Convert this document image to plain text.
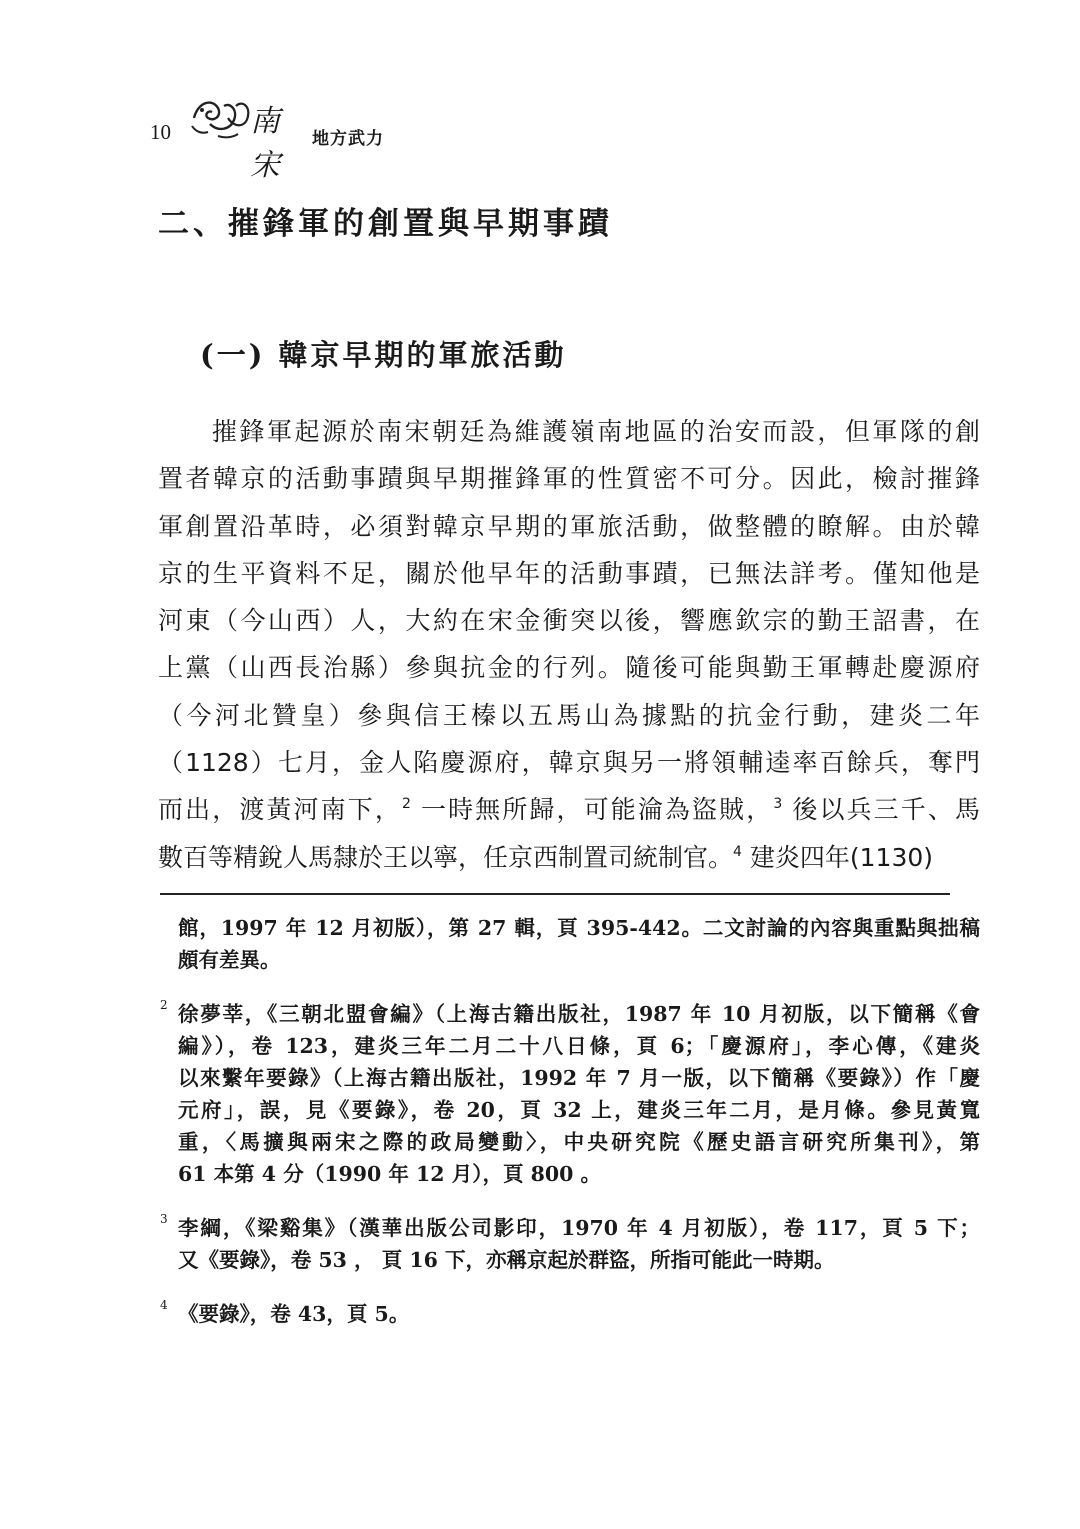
10	南宋
地方武力
二、摧鋒軍的創置與早期事蹟
(一) 韓京早期的軍旅活動
摧鋒軍起源於南宋朝廷為維護嶺南地區的治安而設，但軍隊的創
置者韓京的活動事蹟與早期摧鋒軍的性質密不可分。因此，檢討摧鋒
軍創置沿革時，必須對韓京早期的軍旅活動，做整體的瞭解。由於韓
京的生平資料不足，關於他早年的活動事蹟，已無法詳考。僅知他是
河東（今山西）人，大約在宋金衝突以後，響應欽宗的勤王詔書，在
上黨（山西長治縣）參與抗金的行列。隨後可能與勤王軍轉赴慶源府
（今河北贊皇）參與信王榛以五馬山為據點的抗金行動，建炎二年
（1128）七月，金人陷慶源府，韓京與另一將領輔逵率百餘兵，奪門
而出，渡黃河南下，$^2$ 一時無所歸，可能淪為盜賊，$^3$ 後以兵三千、馬
數百等精銳人馬隸於王以寧，任京西制置司統制官。$^4$ 建炎四年(1130)
館，1997 年 12 月初版），第 27 輯，頁 395-442。二文討論的內容與重點與拙稿
頗有差異。
2 徐夢莘，《三朝北盟會編》（上海古籍出版社，1987 年 10 月初版，以下簡稱《會
編》），卷 123，建炎三年二月二十八日條，頁 6；「慶源府」，李心傳，《建炎
以來繫年要錄》（上海古籍出版社，1992 年 7 月一版，以下簡稱《要錄》）作「慶
元府」，誤，見《要錄》，卷 20，頁 32 上，建炎三年二月，是月條。參見黃寬
重，〈馬擴與兩宋之際的政局變動〉，中央研究院《歷史語言研究所集刊》，第
61 本第 4 分（1990 年 12 月），頁 800 。
3 李綱，《梁谿集》（漢華出版公司影印，1970 年 4 月初版），卷 117，頁 5 下；
又《要錄》，卷 53 ， 頁 16 下，亦稱京起於群盜，所指可能此一時期。
4 《要錄》，卷 43，頁 5。
